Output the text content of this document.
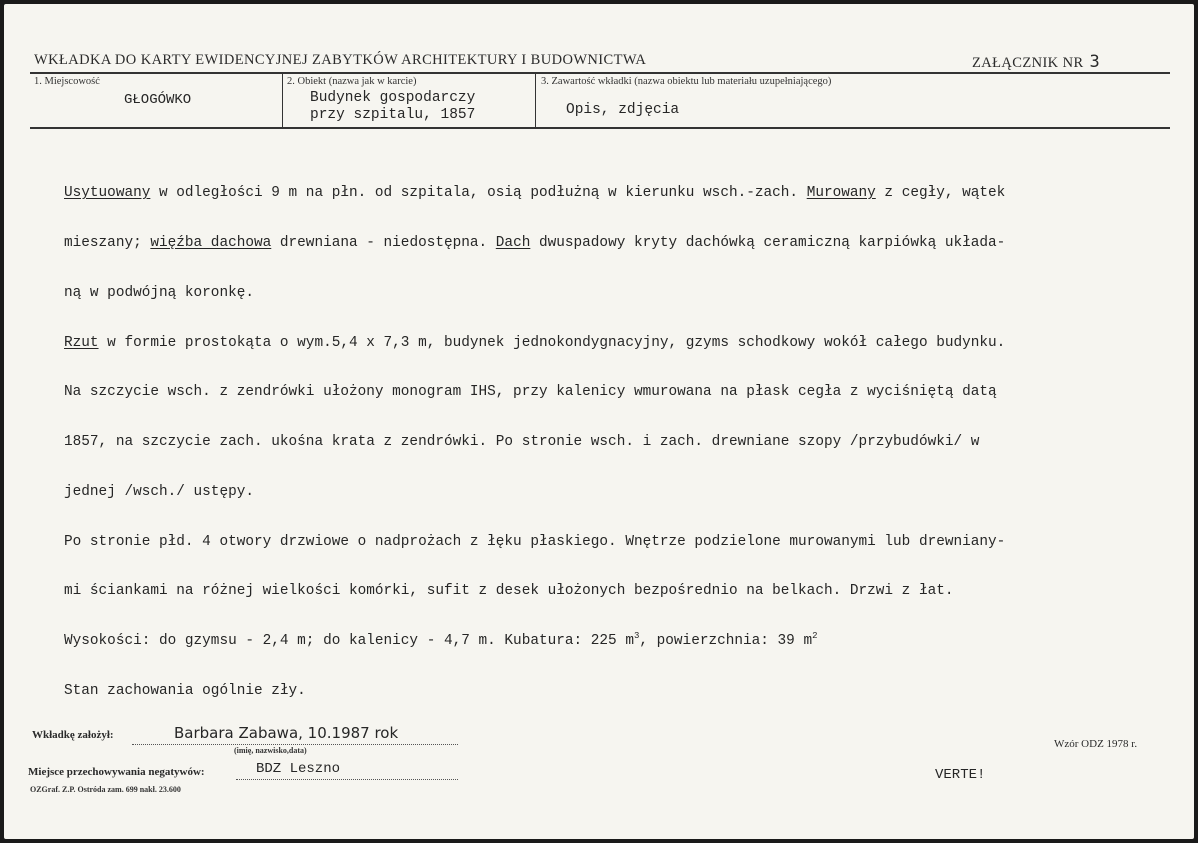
WKŁADKA DO KARTY EWIDENCYJNEJ ZABYTKÓW ARCHITEKTURY I BUDOWNICTWA	ZAŁĄCZNIK NR 3
1. Miejscowość
GŁOGÓWKO
2. Obiekt (nazwa jak w karcie)
Budynek gospodarczy
przy szpitalu, 1857
3. Zawartość wkładki (nazwa obiektu lub materiału uzupełniającego)
Opis, zdjęcia

Usytuowany w odległości 9 m na płn. od szpitala, osią podłużną w kierunku wsch.-zach. Murowany z cegły, wątek

mieszany; więźba dachowa drewniana - niedostępna. Dach dwuspadowy kryty dachówką ceramiczną karpiówką układa-

ną w podwójną koronkę.

Rzut w formie prostokąta o wym.5,4 x 7,3 m, budynek jednokondygnacyjny, gzyms schodkowy wokół całego budynku.

Na szczycie wsch. z zendrówki ułożony monogram IHS, przy kalenicy wmurowana na płask cegła z wyciśniętą datą

1857, na szczycie zach. ukośna krata z zendrówki. Po stronie wsch. i zach. drewniane szopy /przybudówki/ w

jednej /wsch./ ustępy.

Po stronie płd. 4 otwory drzwiowe o nadprożach z łęku płaskiego. Wnętrze podzielone murowanymi lub drewniany-

mi ściankami na różnej wielkości komórki, sufit z desek ułożonych bezpośrednio na belkach. Drzwi z łat.

Wysokości: do gzymsu - 2,4 m; do kalenicy - 4,7 m. Kubatura: 225 $m^3$, powierzchnia: 39 $m^2$

Stan zachowania ogólnie zły.

Wkładkę założył:	Barbara Zabawa, 10.1987 rok
(imię, nazwisko,data)
Miejsce przechowywania negatywów:	BDZ Leszno
OZGraf. Z.P. Ostróda zam. 699 nakł. 23.600
Wzór ODZ 1978 r.
VERTE!
